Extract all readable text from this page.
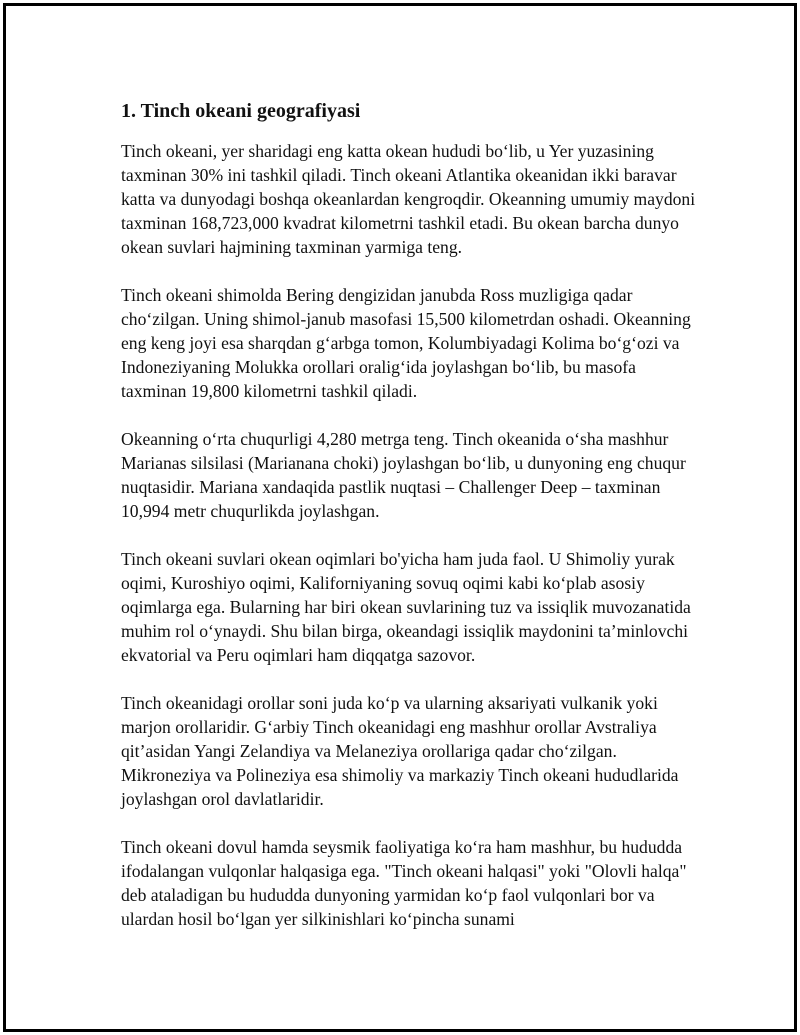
1. Tinch okeani geografiyasi

Tinch okeani, yer sharidagi eng katta okean hududi bo‘lib, u Yer yuzasining taxminan 30% ini tashkil qiladi. Tinch okeani Atlantika okeanidan ikki baravar katta va dunyodagi boshqa okeanlardan kengroqdir. Okeanning umumiy maydoni taxminan 168,723,000 kvadrat kilometrni tashkil etadi. Bu okean barcha dunyo okean suvlari hajmining taxminan yarmiga teng.

Tinch okeani shimolda Bering dengizidan janubda Ross muzligiga qadar cho‘zilgan. Uning shimol-janub masofasi 15,500 kilometrdan oshadi. Okeanning eng keng joyi esa sharqdan g‘arbga tomon, Kolumbiyadagi Kolima bo‘g‘ozi va Indoneziyaning Molukka orollari oralig‘ida joylashgan bo‘lib, bu masofa taxminan 19,800 kilometrni tashkil qiladi.

Okeanning o‘rta chuqurligi 4,280 metrga teng. Tinch okeanida o‘sha mashhur Marianas silsilasi (Marianana choki) joylashgan bo‘lib, u dunyoning eng chuqur nuqtasidir. Mariana xandaqida pastlik nuqtasi – Challenger Deep – taxminan 10,994 metr chuqurlikda joylashgan.

Tinch okeani suvlari okean oqimlari bo'yicha ham juda faol. U Shimoliy yurak oqimi, Kuroshiyo oqimi, Kaliforniyaning sovuq oqimi kabi ko‘plab asosiy oqimlarga ega. Bularning har biri okean suvlarining tuz va issiqlik muvozanatida muhim rol o‘ynaydi. Shu bilan birga, okeandagi issiqlik maydonini ta’minlovchi ekvatorial va Peru oqimlari ham diqqatga sazovor.

Tinch okeanidagi orollar soni juda ko‘p va ularning aksariyati vulkanik yoki marjon orollaridir. G‘arbiy Tinch okeanidagi eng mashhur orollar Avstraliya qit’asidan Yangi Zelandiya va Melaneziya orollariga qadar cho‘zilgan. Mikroneziya va Polineziya esa shimoliy va markaziy Tinch okeani hududlarida joylashgan orol davlatlaridir.

Tinch okeani dovul hamda seysmik faoliyatiga ko‘ra ham mashhur, bu hududda ifodalangan vulqonlar halqasiga ega. "Tinch okeani halqasi" yoki "Olovli halqa" deb ataladigan bu hududda dunyoning yarmidan ko‘p faol vulqonlari bor va ulardan hosil bo‘lgan yer silkinishlari ko‘pincha sunami
